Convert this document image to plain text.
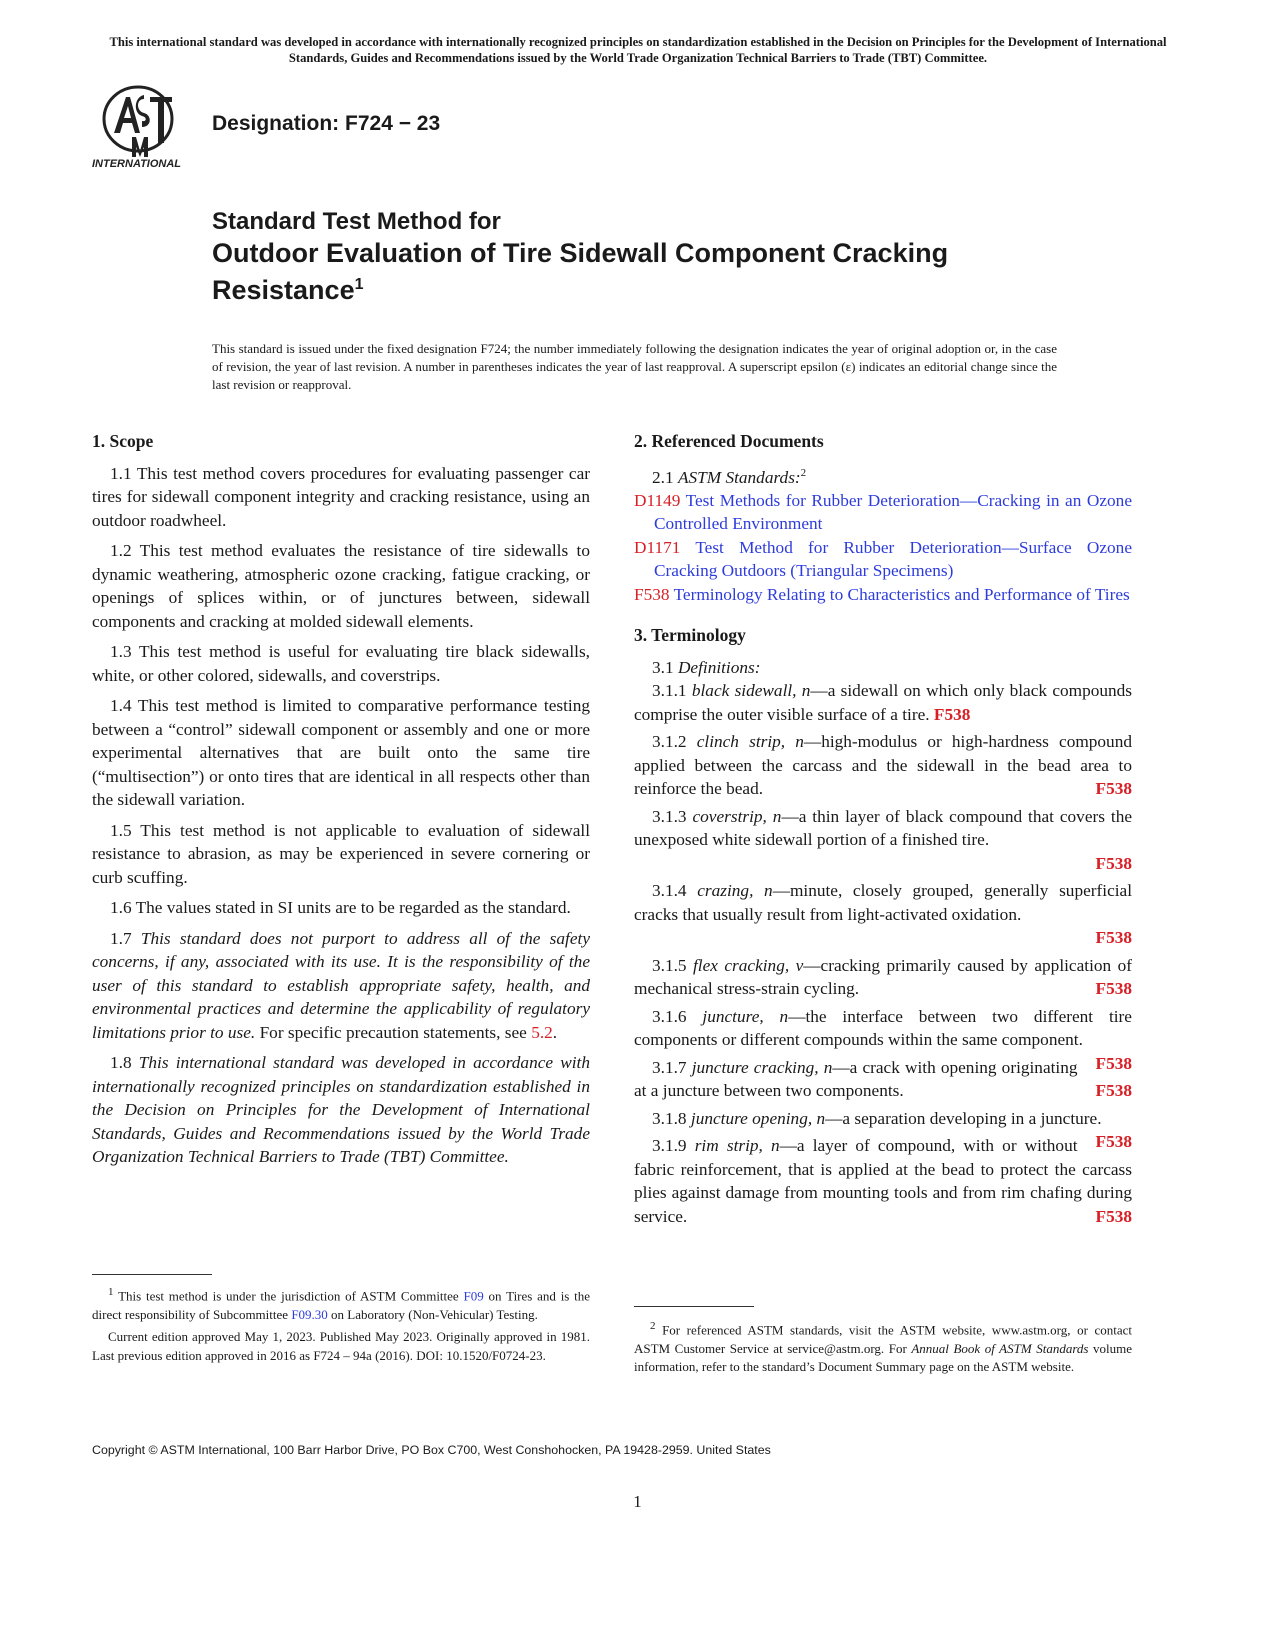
This international standard was developed in accordance with internationally recognized principles on standardization established in the Decision on Principles for the Development of International Standards, Guides and Recommendations issued by the World Trade Organization Technical Barriers to Trade (TBT) Committee.
INTERNATIONAL
Designation: F724 − 23
Standard Test Method for
Outdoor Evaluation of Tire Sidewall Component Cracking
Resistance$^1$
This standard is issued under the fixed designation F724; the number immediately following the designation indicates the year of original adoption or, in the case of revision, the year of last revision. A number in parentheses indicates the year of last reapproval. A superscript epsilon (ε) indicates an editorial change since the last revision or reapproval.
1. Scope

1.1 This test method covers procedures for evaluating passenger car tires for sidewall component integrity and cracking resistance, using an outdoor roadwheel.

1.2 This test method evaluates the resistance of tire sidewalls to dynamic weathering, atmospheric ozone cracking, fatigue cracking, or openings of splices within, or of junctures between, sidewall components and cracking at molded sidewall elements.

1.3 This test method is useful for evaluating tire black sidewalls, white, or other colored, sidewalls, and coverstrips.

1.4 This test method is limited to comparative performance testing between a “control” sidewall component or assembly and one or more experimental alternatives that are built onto the same tire (“multisection”) or onto tires that are identical in all respects other than the sidewall variation.

1.5 This test method is not applicable to evaluation of sidewall resistance to abrasion, as may be experienced in severe cornering or curb scuffing.

1.6 The values stated in SI units are to be regarded as the standard.

1.7 This standard does not purport to address all of the safety concerns, if any, associated with its use. It is the responsibility of the user of this standard to establish appropriate safety, health, and environmental practices and determine the applicability of regulatory limitations prior to use. For specific precaution statements, see 5.2.

1.8 This international standard was developed in accordance with internationally recognized principles on standardization established in the Decision on Principles for the Development of International Standards, Guides and Recommendations issued by the World Trade Organization Technical Barriers to Trade (TBT) Committee.

2. Referenced Documents

2.1 ASTM Standards:$^2$

D1149 Test Methods for Rubber Deterioration—Cracking in an Ozone Controlled Environment
D1171 Test Method for Rubber Deterioration—Surface Ozone Cracking Outdoors (Triangular Specimens)
F538 Terminology Relating to Characteristics and Performance of Tires
3. Terminology

3.1 Definitions:

3.1.1 black sidewall, n—a sidewall on which only black compounds comprise the outer visible surface of a tire. F538

3.1.2 clinch strip, n—high-modulus or high-hardness compound applied between the carcass and the sidewall in the bead area to reinforce the bead.	F538

3.1.3 coverstrip, n—a thin layer of black compound that covers the unexposed white sidewall portion of a finished tire.

F538

3.1.4 crazing, n—minute, closely grouped, generally superficial cracks that usually result from light-activated oxidation.

F538

3.1.5 flex cracking, v—cracking primarily caused by application of mechanical stress-strain cycling.	F538

3.1.6 juncture, n—the interface between two different tire components or different compounds within the same component.
F538

3.1.7 juncture cracking, n—a crack with opening originating at a juncture between two components.	F538

3.1.8 juncture opening, n—a separation developing in a juncture.
F538

3.1.9 rim strip, n—a layer of compound, with or without fabric reinforcement, that is applied at the bead to protect the carcass plies against damage from mounting tools and from rim chafing during service.	F538

$^1$ This test method is under the jurisdiction of ASTM Committee F09 on Tires and is the direct responsibility of Subcommittee F09.30 on Laboratory (Non-Vehicular) Testing.

Current edition approved May 1, 2023. Published May 2023. Originally approved in 1981. Last previous edition approved in 2016 as F724 – 94a (2016). DOI: 10.1520/F0724-23.

$^2$ For referenced ASTM standards, visit the ASTM website, www.astm.org, or contact ASTM Customer Service at service@astm.org. For Annual Book of ASTM Standards volume information, refer to the standard’s Document Summary page on the ASTM website.

Copyright © ASTM International, 100 Barr Harbor Drive, PO Box C700, West Conshohocken, PA 19428-2959. United States
1
